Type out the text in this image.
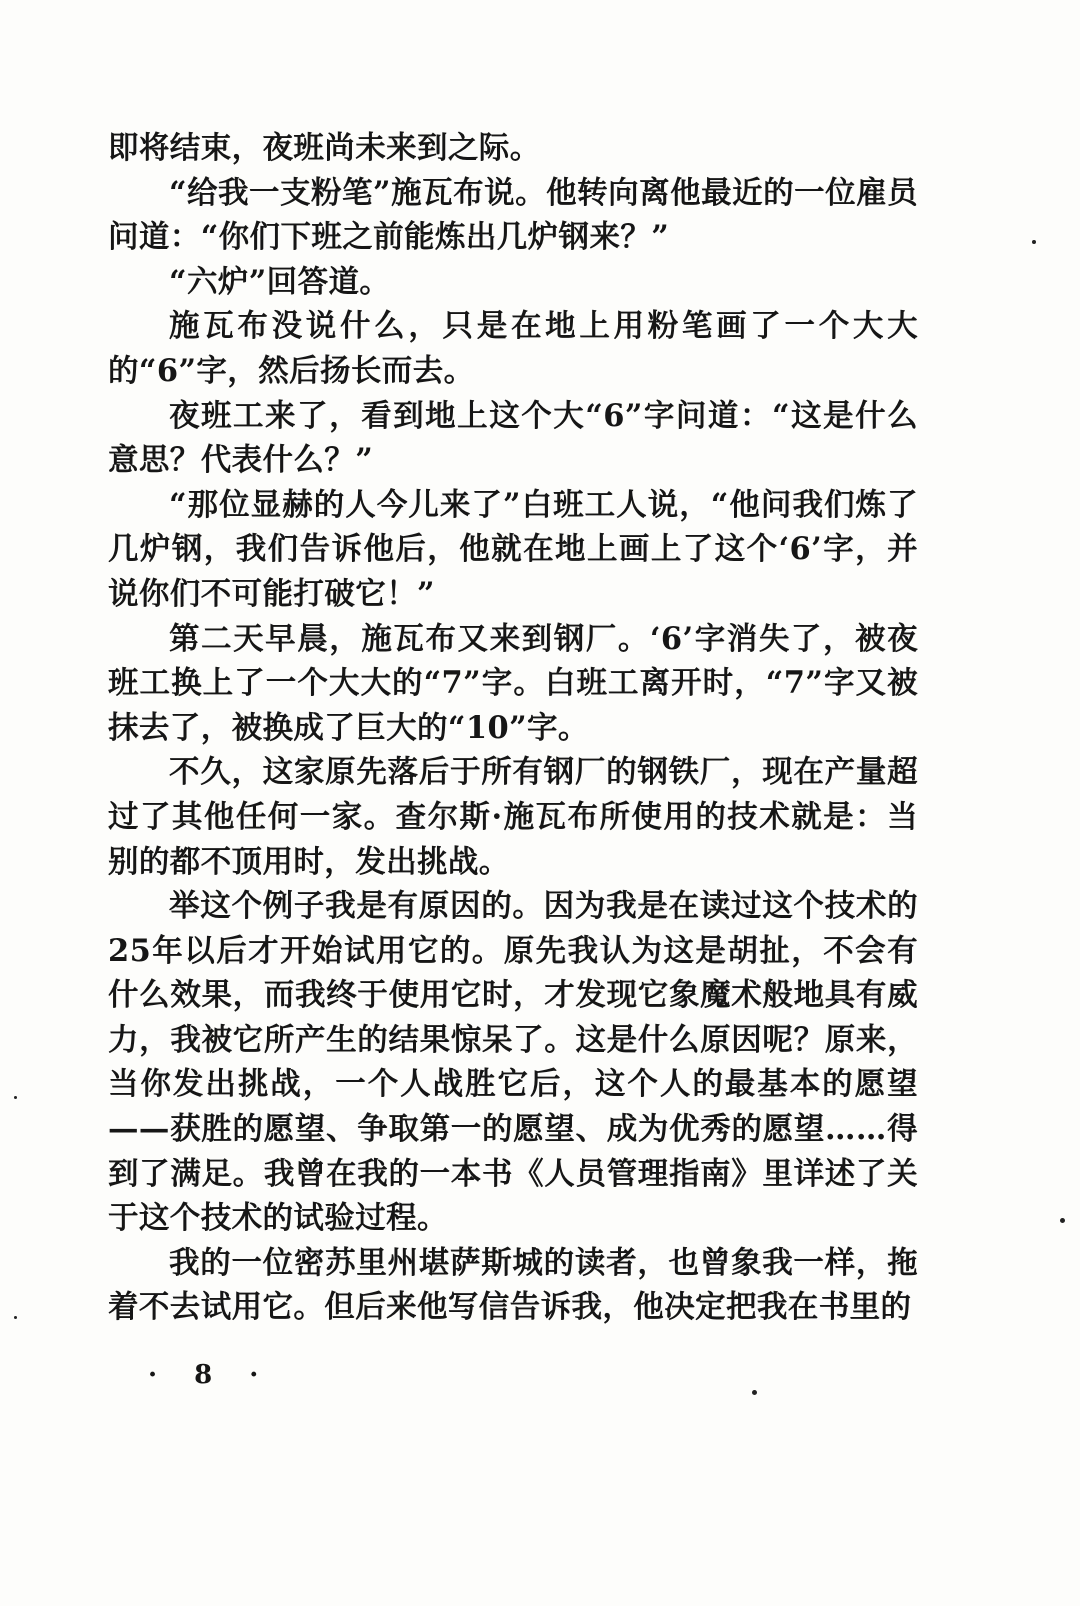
即将结束，夜班尚未来到之际。

“给我一支粉笔”施瓦布说。他转向离他最近的一位雇员问道：“你们下班之前能炼出几炉钢来？”

“六炉”回答道。

施瓦布没说什么，只是在地上用粉笔画了一个大大的“6”字，然后扬长而去。

夜班工来了，看到地上这个大“6”字问道：“这是什么意思？代表什么？”

“那位显赫的人今儿来了”白班工人说，“他问我们炼了几炉钢，我们告诉他后，他就在地上画上了这个‘6’字，并说你们不可能打破它！”

第二天早晨，施瓦布又来到钢厂。‘6’字消失了，被夜班工换上了一个大大的“7”字。白班工离开时，“7”字又被抹去了，被换成了巨大的“10”字。

不久，这家原先落后于所有钢厂的钢铁厂，现在产量超过了其他任何一家。查尔斯·施瓦布所使用的技术就是：当别的都不顶用时，发出挑战。

举这个例子我是有原因的。因为我是在读过这个技术的25年以后才开始试用它的。原先我认为这是胡扯，不会有什么效果，而我终于使用它时，才发现它象魔术般地具有威力，我被它所产生的结果惊呆了。这是什么原因呢？原来，当你发出挑战，一个人战胜它后，这个人的最基本的愿望——获胜的愿望、争取第一的愿望、成为优秀的愿望……得到了满足。我曾在我的一本书《人员管理指南》里详述了关于这个技术的试验过程。

我的一位密苏里州堪萨斯城的读者，也曾象我一样，拖着不去试用它。但后来他写信告诉我，他决定把我在书里的

· 8 ·
